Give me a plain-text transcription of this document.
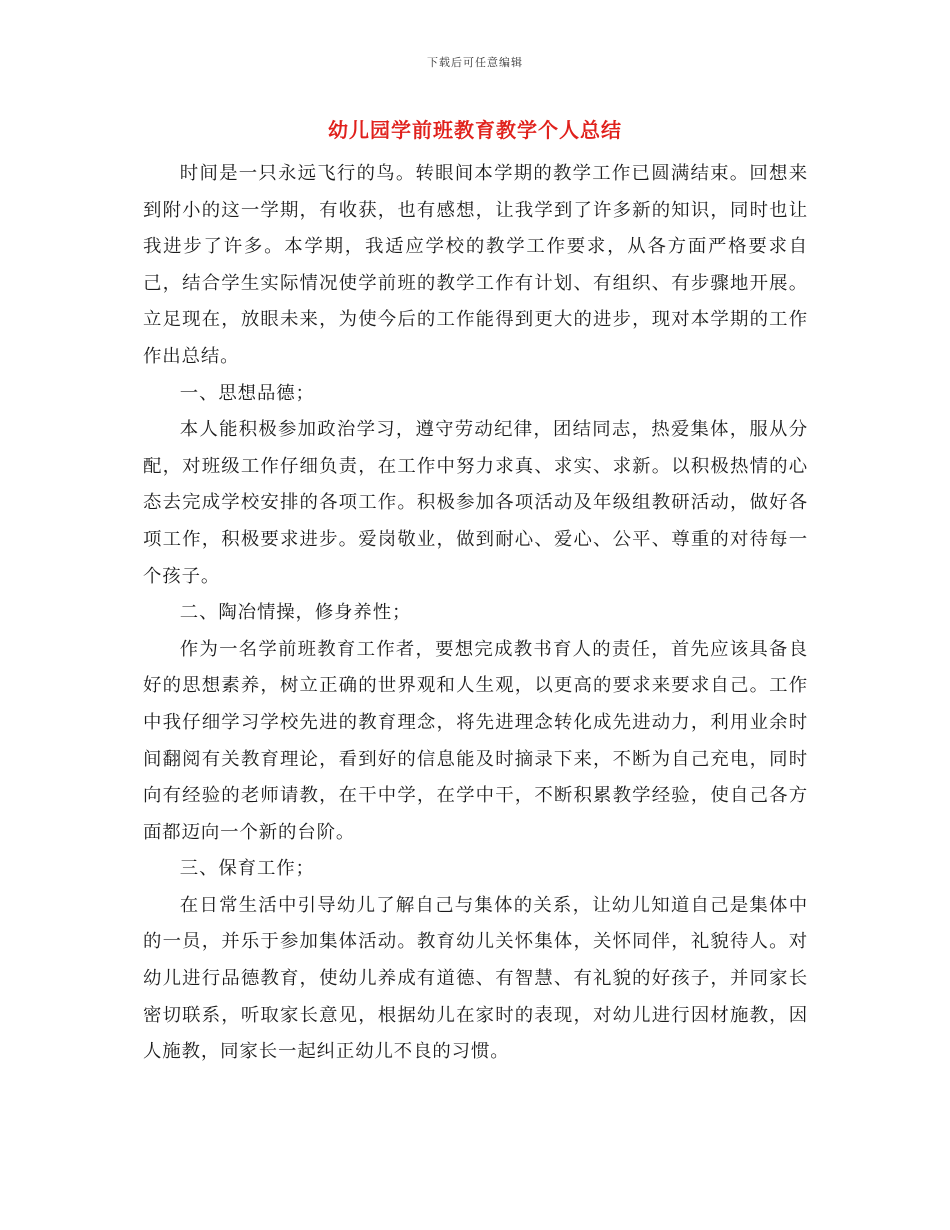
下载后可任意编辑
幼儿园学前班教育教学个人总结

时间是一只永远飞行的鸟。转眼间本学期的教学工作已圆满结束。回想来到附小的这一学期，有收获，也有感想，让我学到了许多新的知识，同时也让我进步了许多。本学期，我适应学校的教学工作要求，从各方面严格要求自己，结合学生实际情况使学前班的教学工作有计划、有组织、有步骤地开展。立足现在，放眼未来，为使今后的工作能得到更大的进步，现对本学期的工作作出总结。

一、思想品德；

本人能积极参加政治学习，遵守劳动纪律，团结同志，热爱集体，服从分配，对班级工作仔细负责，在工作中努力求真、求实、求新。以积极热情的心态去完成学校安排的各项工作。积极参加各项活动及年级组教研活动，做好各项工作，积极要求进步。爱岗敬业，做到耐心、爱心、公平、尊重的对待每一个孩子。

二、陶冶情操，修身养性；

作为一名学前班教育工作者，要想完成教书育人的责任，首先应该具备良好的思想素养，树立正确的世界观和人生观，以更高的要求来要求自己。工作中我仔细学习学校先进的教育理念，将先进理念转化成先进动力，利用业余时间翻阅有关教育理论，看到好的信息能及时摘录下来，不断为自己充电，同时向有经验的老师请教，在干中学，在学中干，不断积累教学经验，使自己各方面都迈向一个新的台阶。

三、保育工作；

在日常生活中引导幼儿了解自己与集体的关系，让幼儿知道自己是集体中的一员，并乐于参加集体活动。教育幼儿关怀集体，关怀同伴，礼貌待人。对幼儿进行品德教育，使幼儿养成有道德、有智慧、有礼貌的好孩子，并同家长密切联系，听取家长意见，根据幼儿在家时的表现，对幼儿进行因材施教，因人施教，同家长一起纠正幼儿不良的习惯。
